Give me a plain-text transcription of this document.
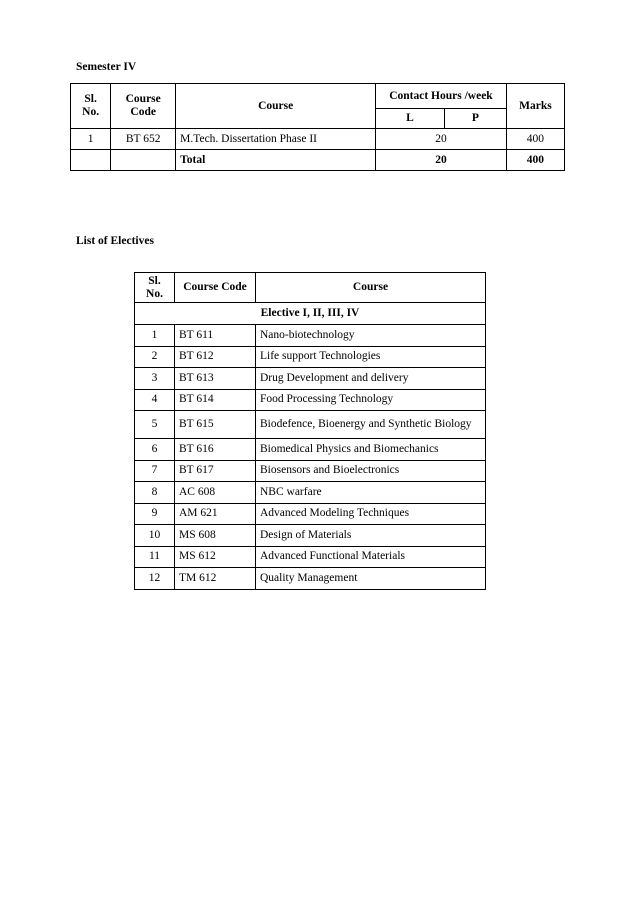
Semester IV
Sl. No.	Course Code	Course	Contact Hours /week		Marks
			L	P	
1	BT 652	M.Tech. Dissertation Phase II	20		400
		Total	20		400
List of Electives
Sl. No.	Course Code	Course
Elective I, II, III, IV		
1	BT 611	Nano-biotechnology
2	BT 612	Life support Technologies
3	BT 613	Drug Development and delivery
4	BT 614	Food Processing Technology
5	BT 615	Biodefence, Bioenergy and Synthetic Biology
6	BT 616	Biomedical Physics and Biomechanics
7	BT 617	Biosensors and Bioelectronics
8	AC 608	NBC warfare
9	AM 621	Advanced Modeling Techniques
10	MS 608	Design of Materials
11	MS 612	Advanced Functional Materials
12	TM 612	Quality Management
